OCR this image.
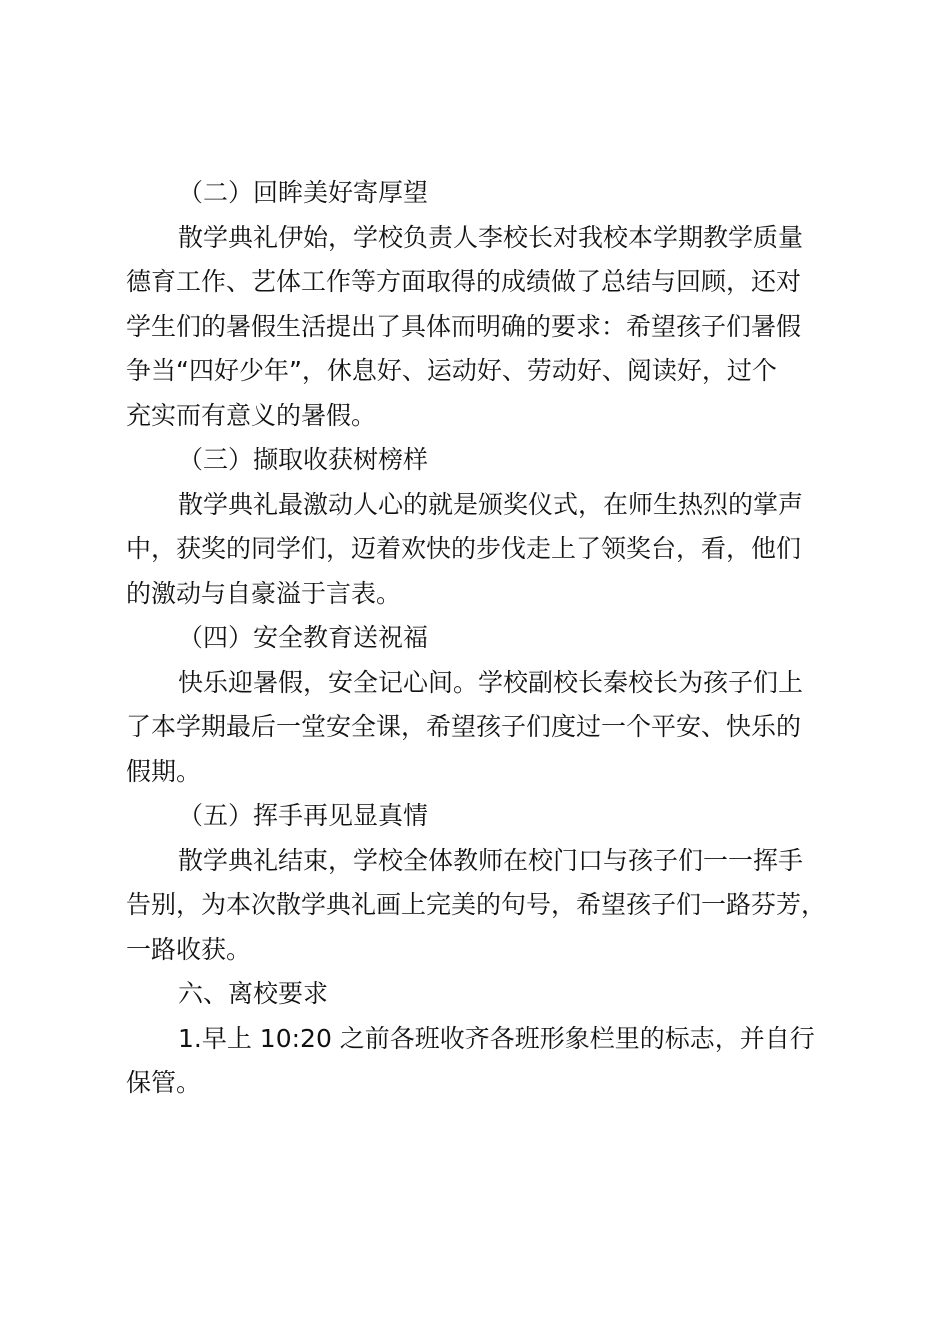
（二）回眸美好寄厚望
散学典礼伊始，学校负责人李校长对我校本学期教学质量
德育工作、艺体工作等方面取得的成绩做了总结与回顾，还对
学生们的暑假生活提出了具体而明确的要求：希望孩子们暑假
争当“四好少年”，休息好、运动好、劳动好、阅读好，过个
充实而有意义的暑假。
（三）撷取收获树榜样
散学典礼最激动人心的就是颁奖仪式，在师生热烈的掌声
中，获奖的同学们，迈着欢快的步伐走上了领奖台，看，他们
的激动与自豪溢于言表。
（四）安全教育送祝福
快乐迎暑假，安全记心间。学校副校长秦校长为孩子们上
了本学期最后一堂安全课，希望孩子们度过一个平安、快乐的
假期。
（五）挥手再见显真情
散学典礼结束，学校全体教师在校门口与孩子们一一挥手
告别，为本次散学典礼画上完美的句号，希望孩子们一路芬芳，
一路收获。
六、离校要求
1.早上 10:20 之前各班收齐各班形象栏里的标志，并自行
保管。
